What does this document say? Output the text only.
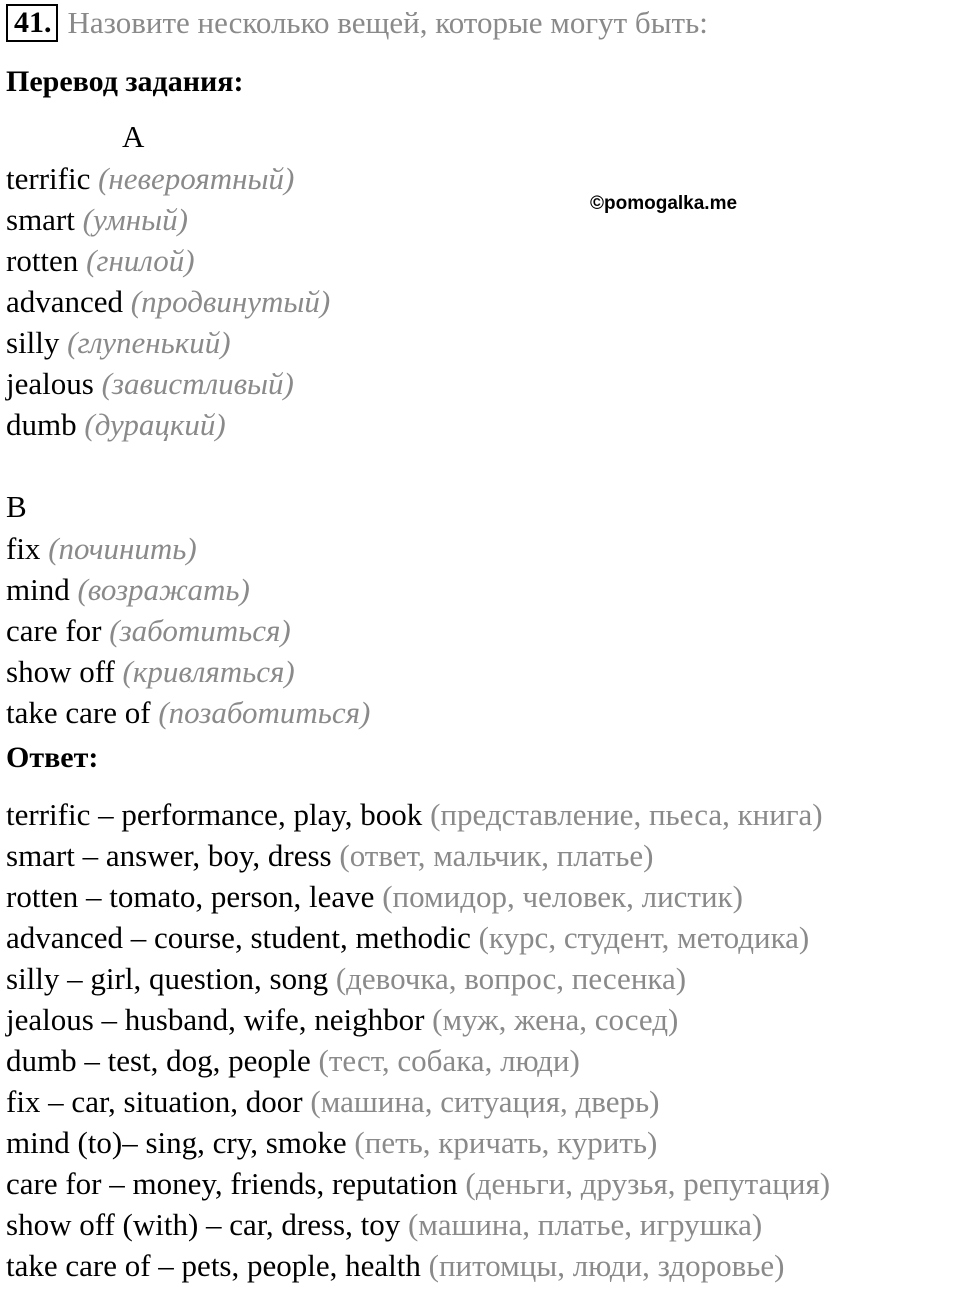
41. Назовите несколько вещей, которые могут быть:
Перевод задания:
©pomogalka.me
A
terrific (невероятный)
smart (умный)
rotten (гнилой)
advanced (продвинутый)
silly (глупенький)
jealous (завистливый)
dumb (дурацкий)
B
fix (починить)
mind (возражать)
care for (заботиться)
show off (кривляться)
take care of (позаботиться)
Ответ:
terrific – performance, play, book (представление, пьеса, книга)
smart – answer, boy, dress (ответ, мальчик, платье)
rotten – tomato, person, leave (помидор, человек, листик)
advanced – course, student, methodic (курс, студент, методика)
silly – girl, question, song (девочка, вопрос, песенка)
jealous – husband, wife, neighbor (муж, жена, сосед)
dumb – test, dog, people (тест, собака, люди)
fix – car, situation, door (машина, ситуация, дверь)
mind (to)– sing, cry, smoke (петь, кричать, курить)
care for – money, friends, reputation (деньги, друзья, репутация)
show off (with) – car, dress, toy (машина, платье, игрушка)
take care of – pets, people, health (питомцы, люди, здоровье)
